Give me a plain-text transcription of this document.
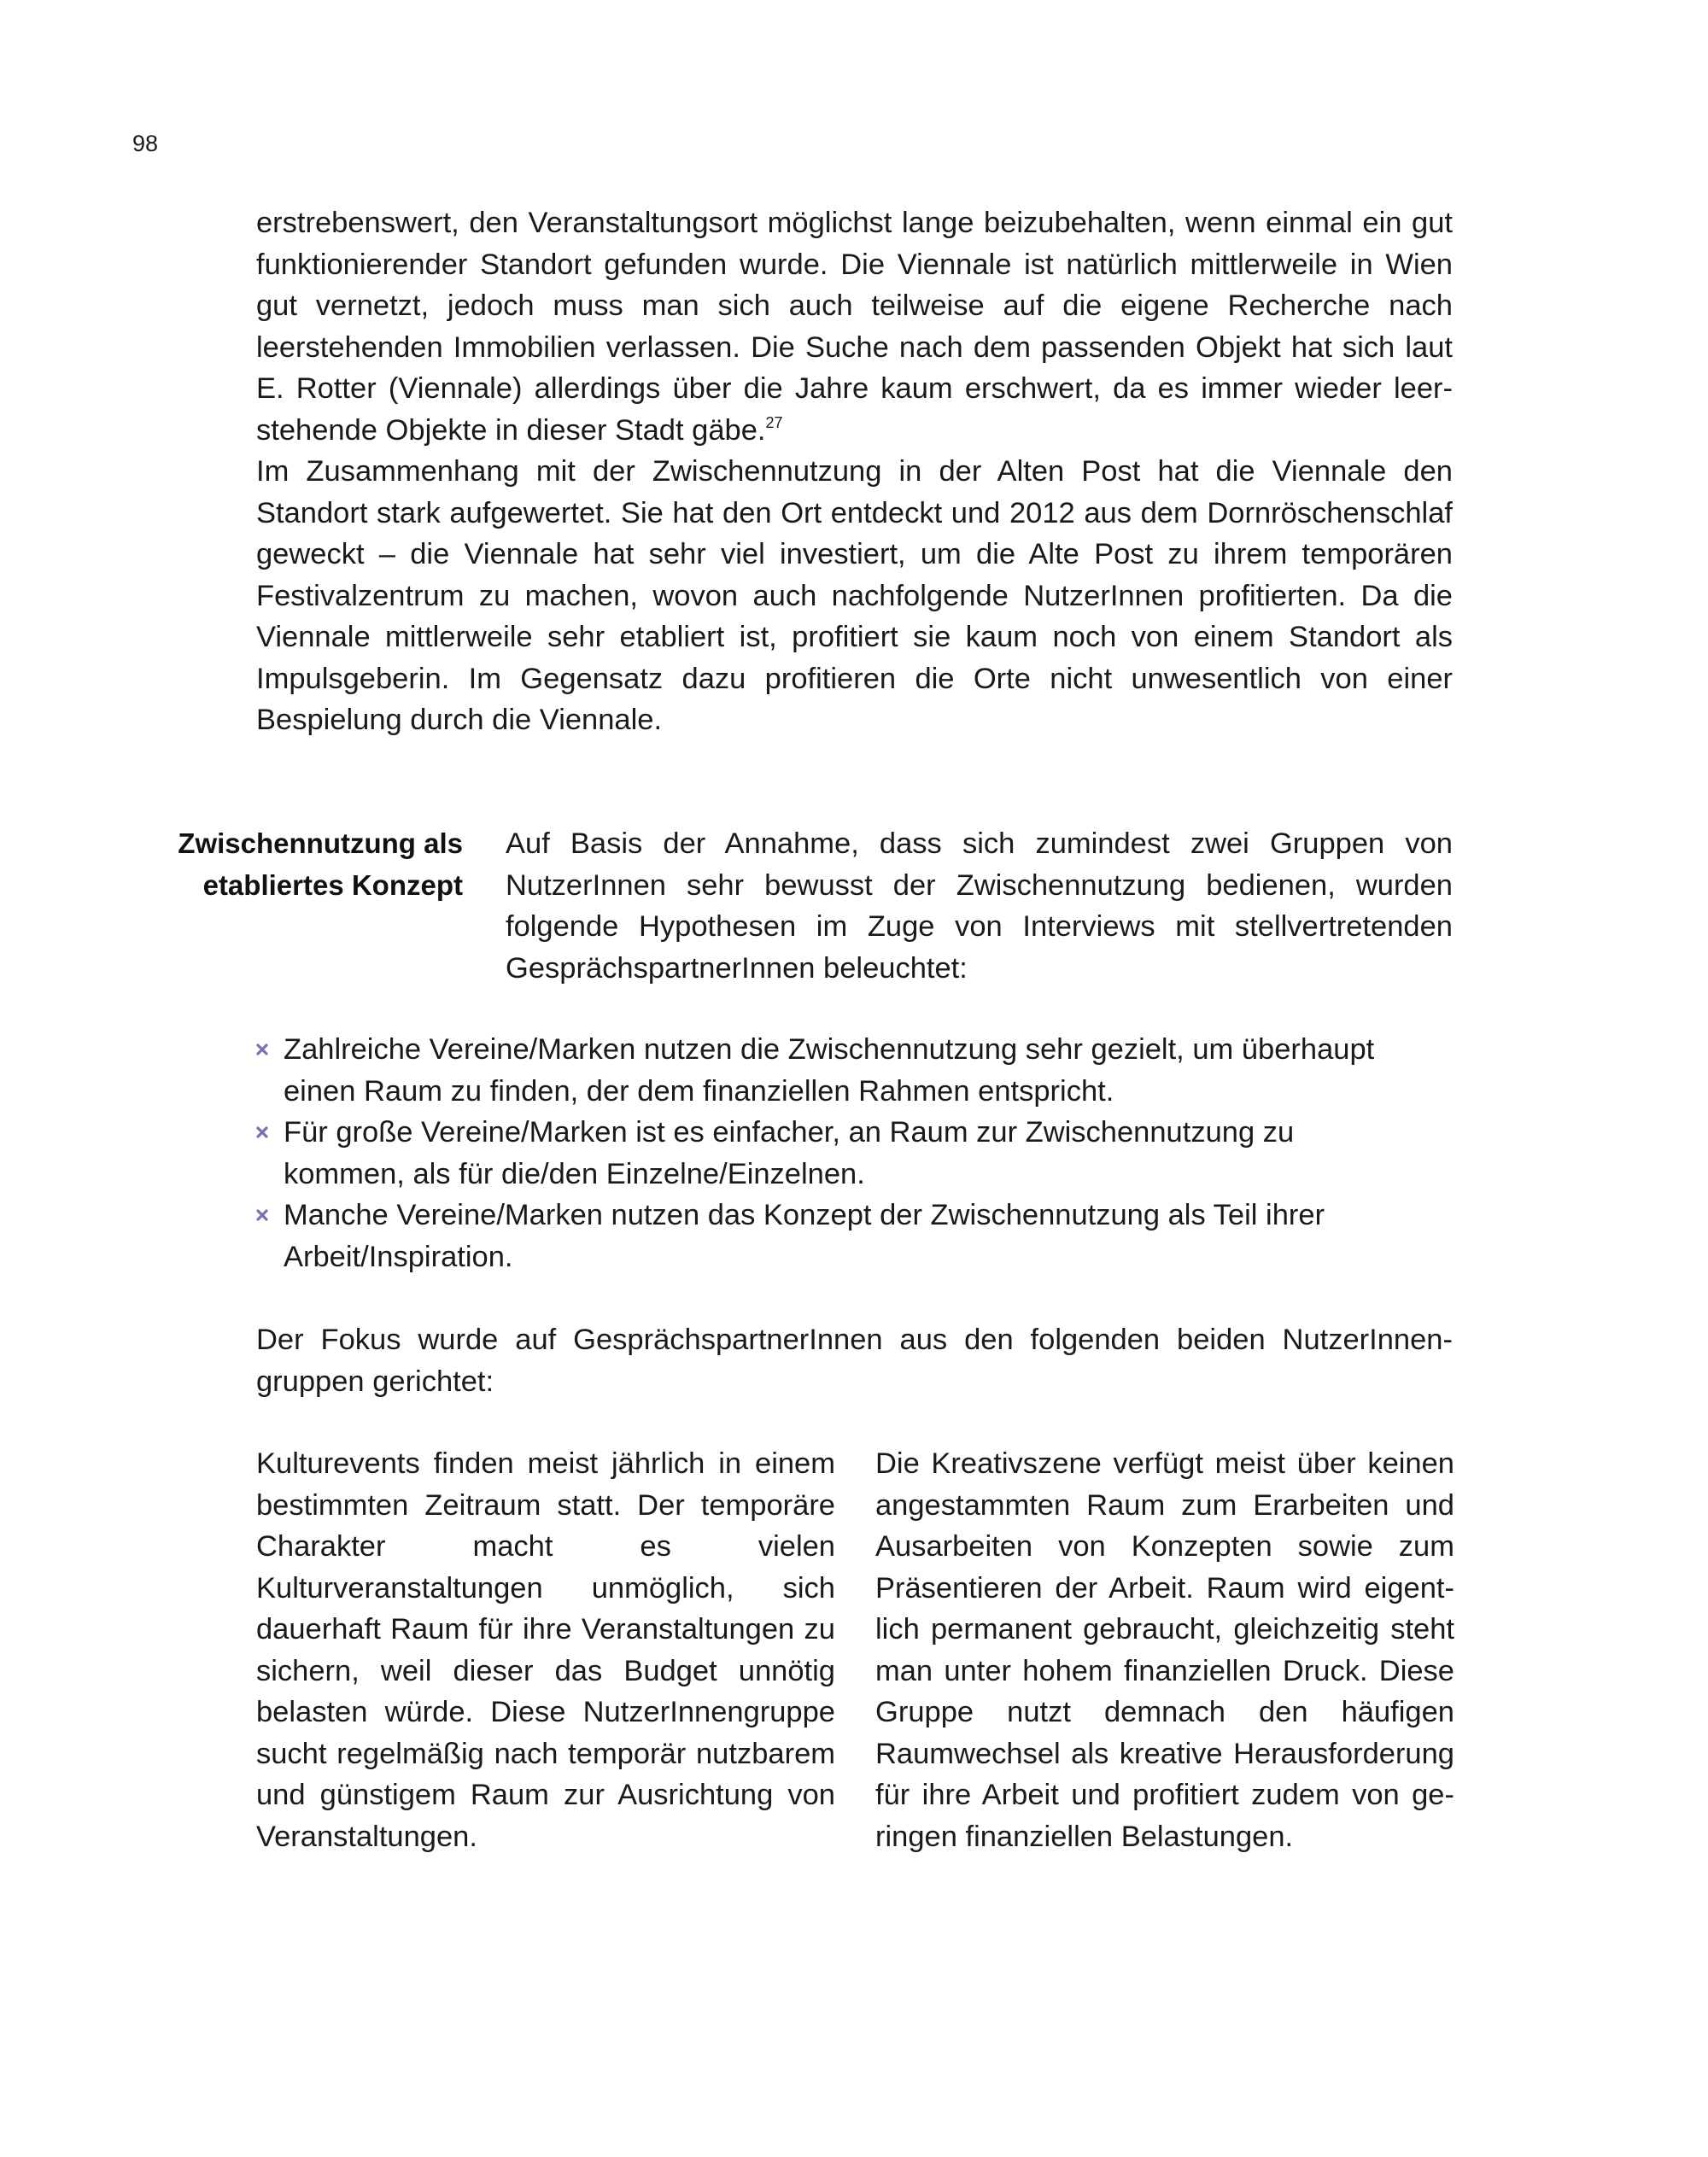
98

erstrebenswert, den Veranstaltungsort möglichst lange beizubehalten, wenn einmal ein gut funktionierender Standort gefunden wurde. Die Viennale ist natürlich mittlerweile in Wien gut vernetzt, jedoch muss man sich auch teilweise auf die eigene Recherche nach leerstehenden Immobilien verlassen. Die Suche nach dem passenden Objekt hat sich laut E. Rotter (Viennale) allerdings über die Jahre kaum erschwert, da es immer wieder leerstehende Objekte in dieser Stadt gäbe.$^{27}$

Im Zusammenhang mit der Zwischennutzung in der Alten Post hat die Viennale den Standort stark aufgewertet. Sie hat den Ort entdeckt und 2012 aus dem Dornröschenschlaf geweckt – die Viennale hat sehr viel investiert, um die Alte Post zu ihrem temporären Festivalzentrum zu machen, wovon auch nachfolgende NutzerInnen profitierten. Da die Viennale mittlerweile sehr etabliert ist, profitiert sie kaum noch von einem Standort als Impulsgeberin. Im Gegensatz dazu profitieren die Orte nicht unwesentlich von einer Bespielung durch die Viennale.

Zwischennutzung als
etabliertes Konzept

Auf Basis der Annahme, dass sich zumindest zwei Gruppen von NutzerInnen sehr bewusst der Zwischennutzung bedienen, wurden folgende Hypothesen im Zuge von Interviews mit stellvertretenden GesprächspartnerInnen beleuchtet:

Zahlreiche Vereine/Marken nutzen die Zwischennutzung sehr gezielt, um überhaupt einen Raum zu finden, der dem finanziellen Rahmen entspricht.
Für große Vereine/Marken ist es einfacher, an Raum zur Zwischennutzung zu kommen, als für die/den Einzelne/Einzelnen.
Manche Vereine/Marken nutzen das Konzept der Zwischennutzung als Teil ihrer Arbeit/Inspiration.

Der Fokus wurde auf GesprächspartnerInnen aus den folgenden beiden NutzerInnengruppen gerichtet:

Kulturevents finden meist jährlich in einem bestimmten Zeitraum statt. Der temporäre Charakter macht es vielen Kulturveranstaltungen unmöglich, sich dauerhaft Raum für ihre Veranstaltungen zu sichern, weil dieser das Budget unnötig belasten würde. Diese NutzerInnengruppe sucht regelmäßig nach temporär nutzbarem und günstigem Raum zur Ausrichtung von Veranstaltungen.

Die Kreativszene verfügt meist über keinen angestammten Raum zum Erarbeiten und Ausarbeiten von Konzepten sowie zum Präsentieren der Arbeit. Raum wird eigentlich permanent gebraucht, gleichzeitig steht man unter hohem finanziellen Druck. Diese Gruppe nutzt demnach den häufigen Raumwechsel als kreative Herausforderung für ihre Arbeit und profitiert zudem von geringen finanziellen Belastungen.
